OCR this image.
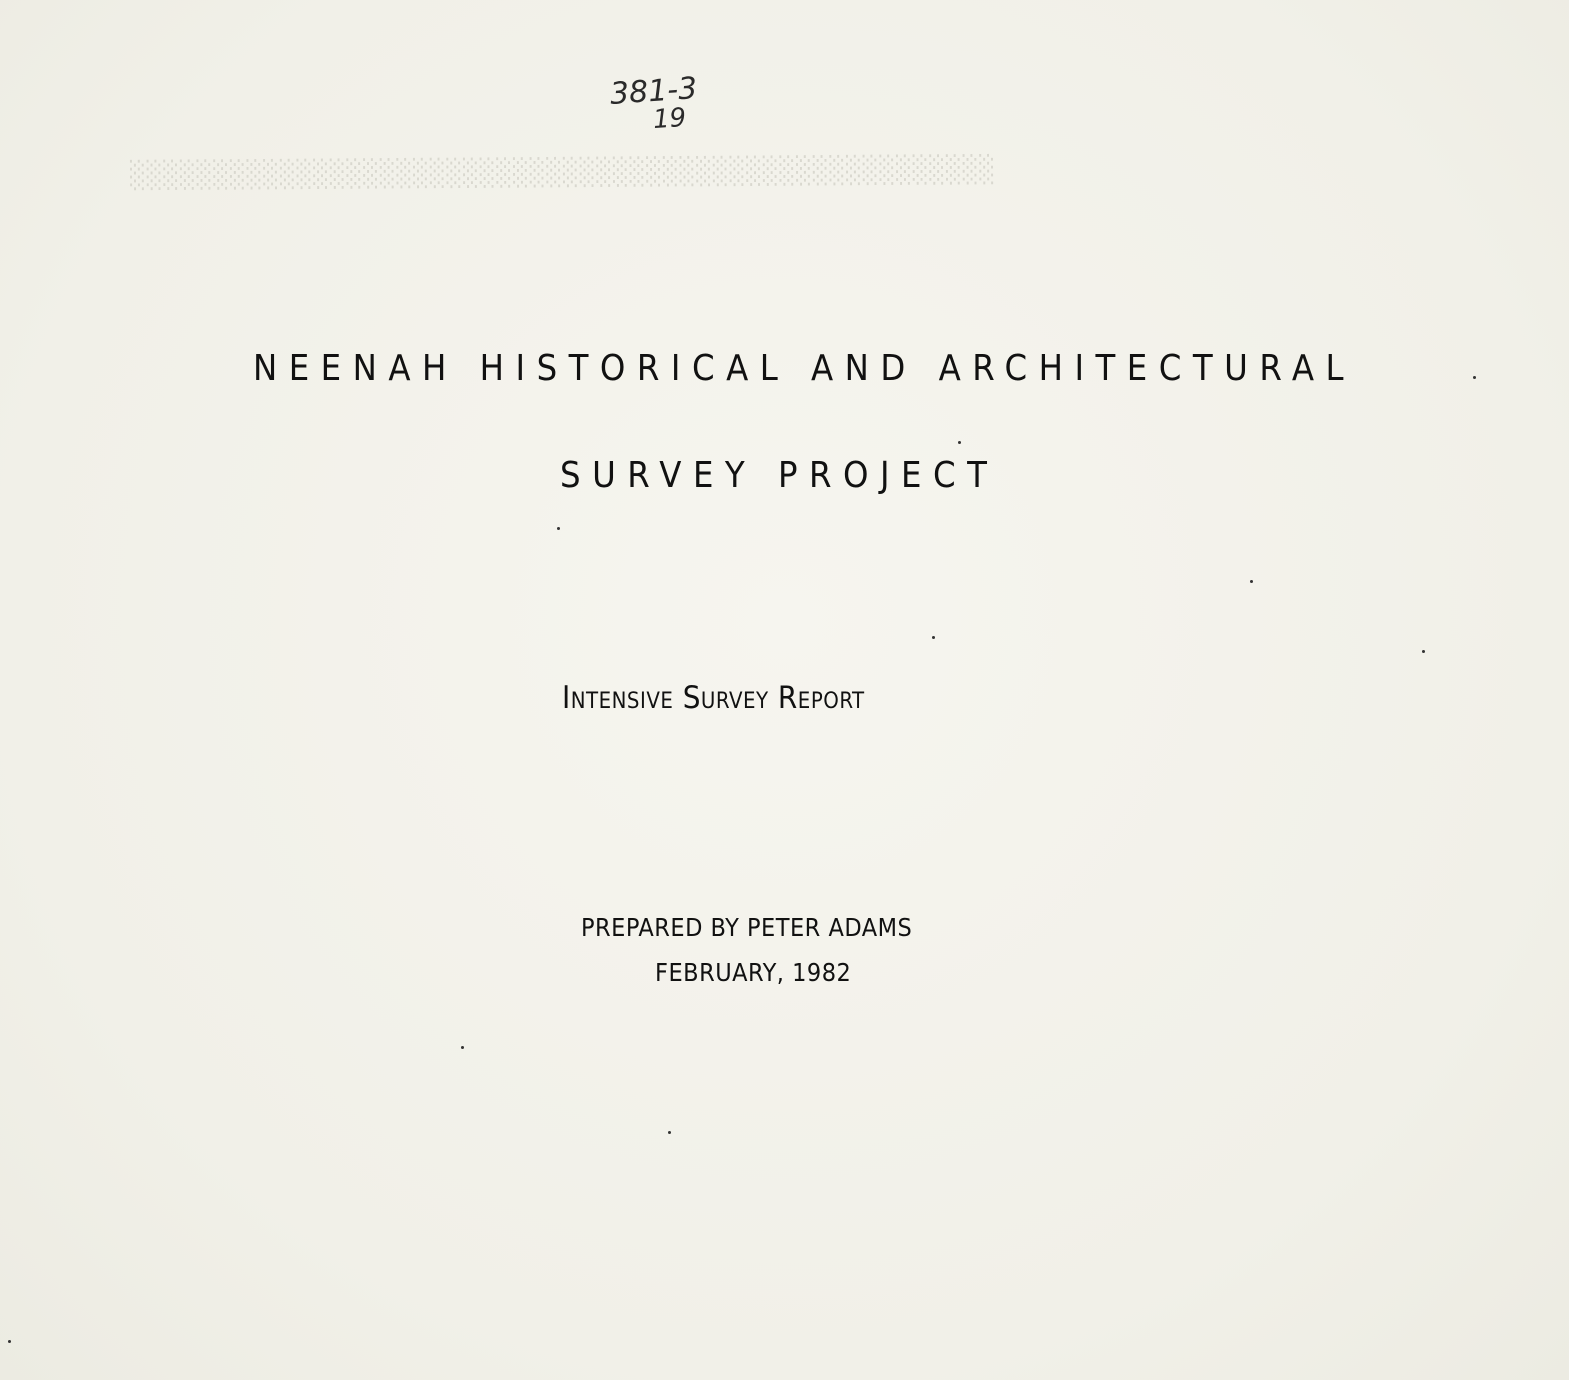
░░░░░░░░░░░░░░░░░░░░░░░░░░░░░░░░░░░░░░░░░░░░░░░░░░░░
381-3
19
NEENAH HISTORICAL AND ARCHITECTURAL
SURVEY PROJECT
Intensive Survey Report
PREPARED BY PETER ADAMS
FEBRUARY, 1982
